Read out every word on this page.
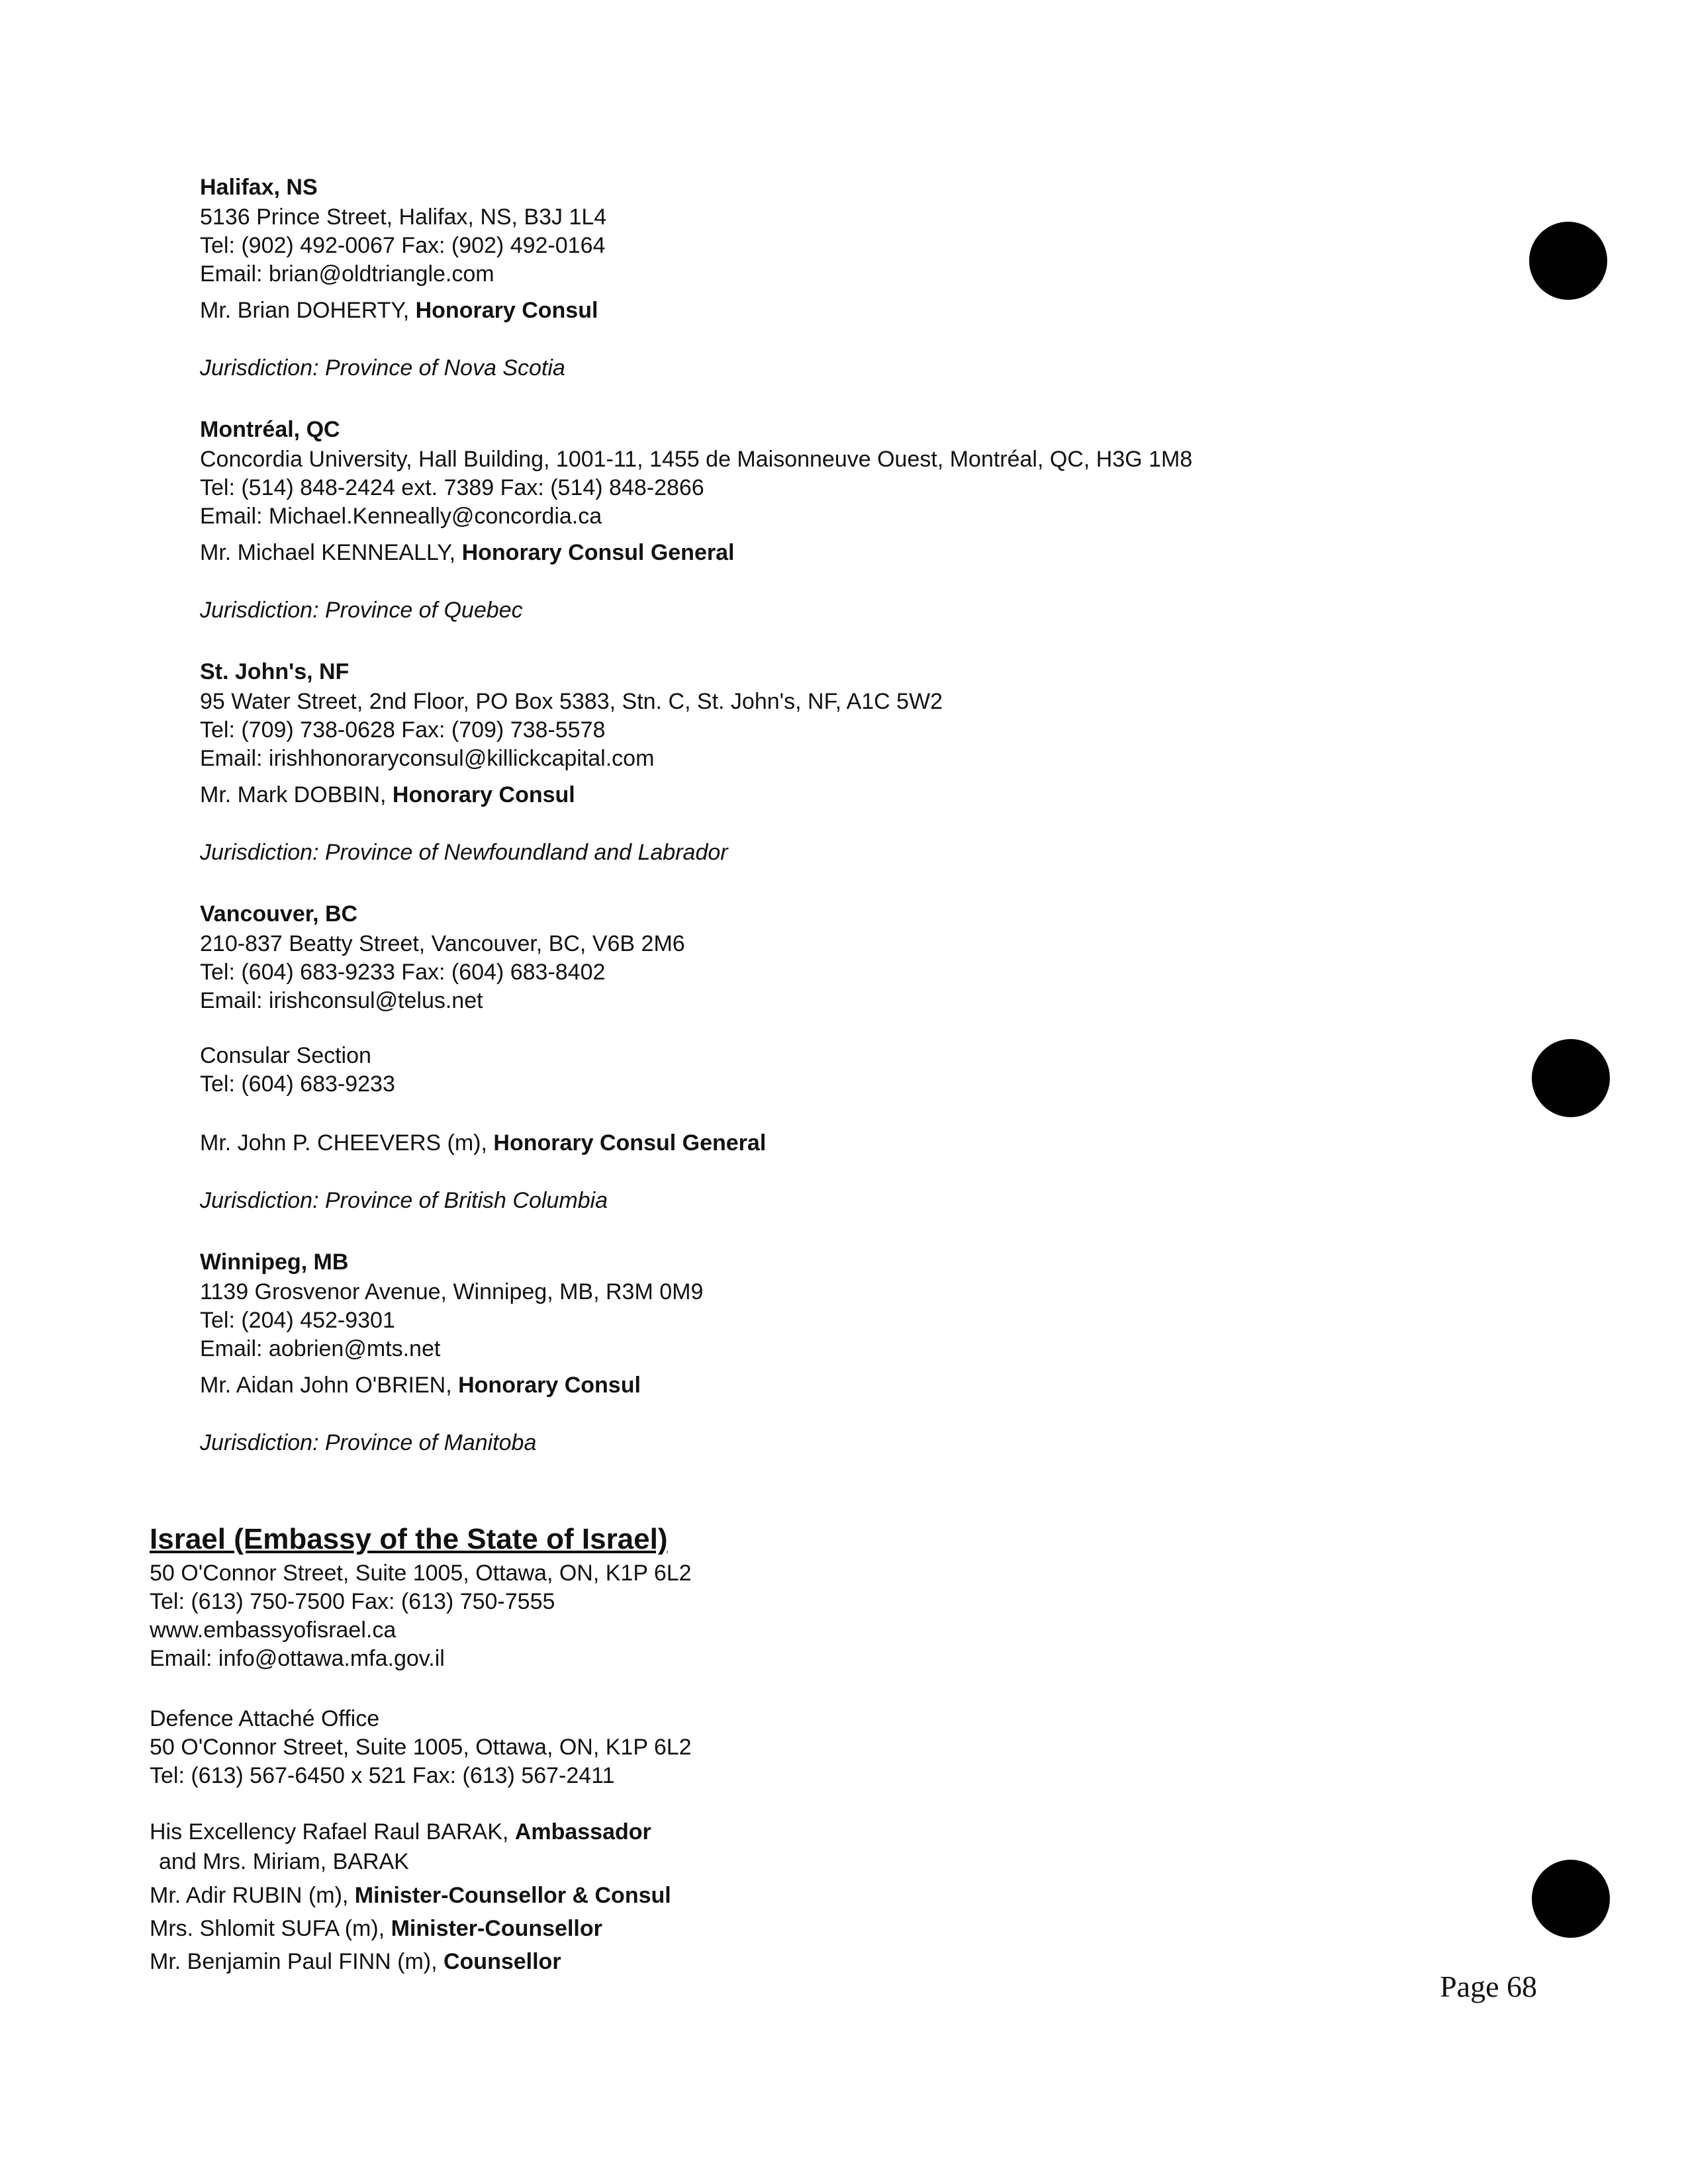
Halifax, NS
5136 Prince Street, Halifax, NS, B3J 1L4
Tel: (902) 492-0067 Fax: (902) 492-0164
Email: brian@oldtriangle.com
Mr. Brian DOHERTY, Honorary Consul
Jurisdiction: Province of Nova Scotia
Montréal, QC
Concordia University, Hall Building, 1001-11, 1455 de Maisonneuve Ouest, Montréal, QC, H3G 1M8
Tel: (514) 848-2424 ext. 7389 Fax: (514) 848-2866
Email: Michael.Kenneally@concordia.ca
Mr. Michael KENNEALLY, Honorary Consul General
Jurisdiction: Province of Quebec
St. John's, NF
95 Water Street, 2nd Floor, PO Box 5383, Stn. C, St. John's, NF, A1C 5W2
Tel: (709) 738-0628 Fax: (709) 738-5578
Email: irishhonoraryconsul@killickcapital.com
Mr. Mark DOBBIN, Honorary Consul
Jurisdiction: Province of Newfoundland and Labrador
Vancouver, BC
210-837 Beatty Street, Vancouver, BC, V6B 2M6
Tel: (604) 683-9233 Fax: (604) 683-8402
Email: irishconsul@telus.net
Consular Section
Tel: (604) 683-9233
Mr. John P. CHEEVERS (m), Honorary Consul General
Jurisdiction: Province of British Columbia
Winnipeg, MB
1139 Grosvenor Avenue, Winnipeg, MB, R3M 0M9
Tel: (204) 452-9301
Email: aobrien@mts.net
Mr. Aidan John O'BRIEN, Honorary Consul
Jurisdiction: Province of Manitoba
Israel (Embassy of the State of Israel)
50 O'Connor Street, Suite 1005, Ottawa, ON, K1P 6L2
Tel: (613) 750-7500 Fax: (613) 750-7555
www.embassyofisrael.ca
Email: info@ottawa.mfa.gov.il
Defence Attaché Office
50 O'Connor Street, Suite 1005, Ottawa, ON, K1P 6L2
Tel: (613) 567-6450 x 521 Fax: (613) 567-2411
His Excellency Rafael Raul BARAK, Ambassador
and Mrs. Miriam, BARAK
Mr. Adir RUBIN (m), Minister-Counsellor & Consul
Mrs. Shlomit SUFA (m), Minister-Counsellor
Mr. Benjamin Paul FINN (m), Counsellor
Page 68
